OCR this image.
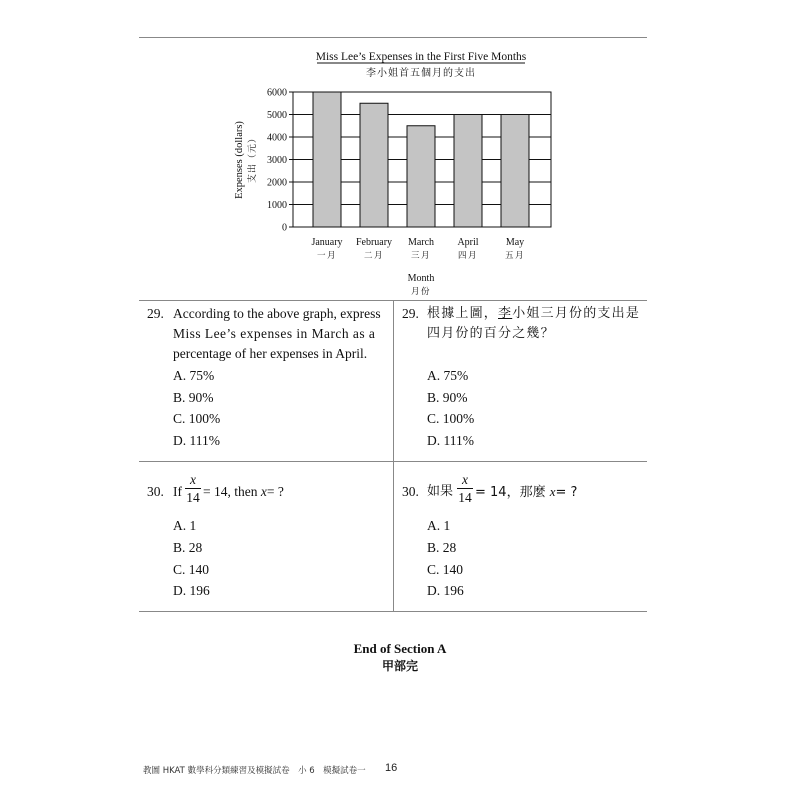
Miss Lee’s Expenses in the First Five Months
李小姐首五個月的支出
0
1000
2000
3000
4000
5000
6000
January
一月
February
二月
March
三月
April
四月
May
五月
Month
月份
Expenses (dollars) 支出（元）
29. According to the above graph, express
Miss Lee’s expenses in March as a
percentage of her expenses in April.
29. 根據上圖，李小姐三月份的支出是
四月份的百分之幾？
A. 75%
B. 90%
C. 100%
D. 111%
A. 75%
B. 90%
C. 100%
D. 111%
30. If $\frac{x}{14} = 14$, then x= ?	30. 如果 $\frac{x}{14} = 14$，那麼 x= ?
A. 1
B. 28
C. 140
D. 196
A. 1
B. 28
C. 140
D. 196
End of Section A
甲部完
教圖 HKAT 數學科分類練習及模擬試卷　小 6　模擬試卷一 16
